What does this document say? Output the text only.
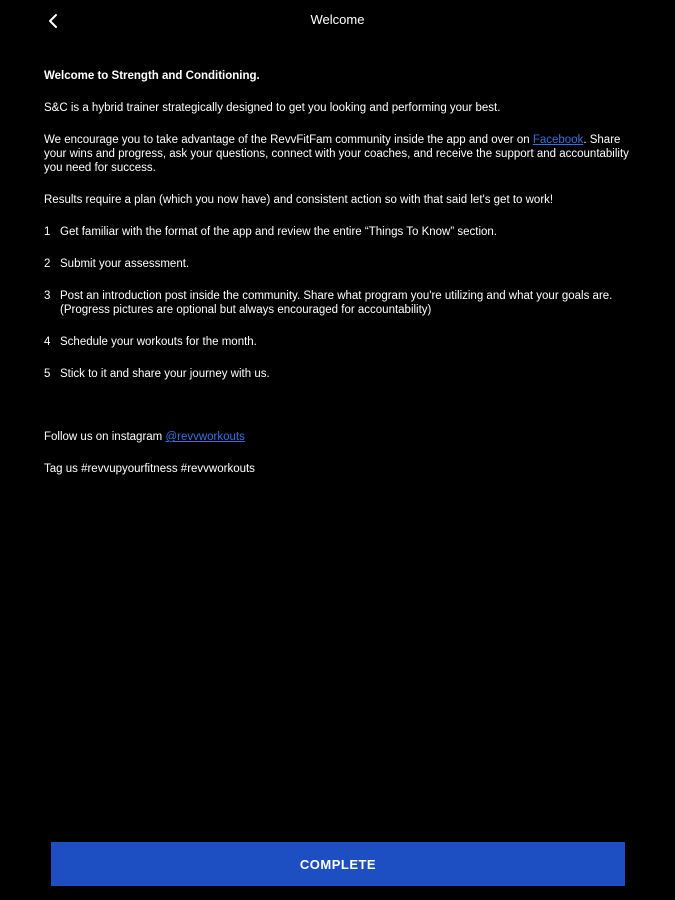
Welcome

Welcome to Strength and Conditioning.

S&C is a hybrid trainer strategically designed to get you looking and performing your best.

We encourage you to take advantage of the RevvFitFam community inside the app and over on Facebook. Share your wins and progress, ask your questions, connect with your coaches, and receive the support and accountability you need for success.

Results require a plan (which you now have) and consistent action so with that said let's get to work!

1 Get familiar with the format of the app and review the entire “Things To Know” section.
2 Submit your assessment.
3 Post an introduction post inside the community. Share what program you're utilizing and what your goals are. (Progress pictures are optional but always encouraged for accountability)
4 Schedule your workouts for the month.
5 Stick to it and share your journey with us.

Follow us on instagram @revvworkouts

Tag us #revvupyourfitness #revvworkouts

COMPLETE
